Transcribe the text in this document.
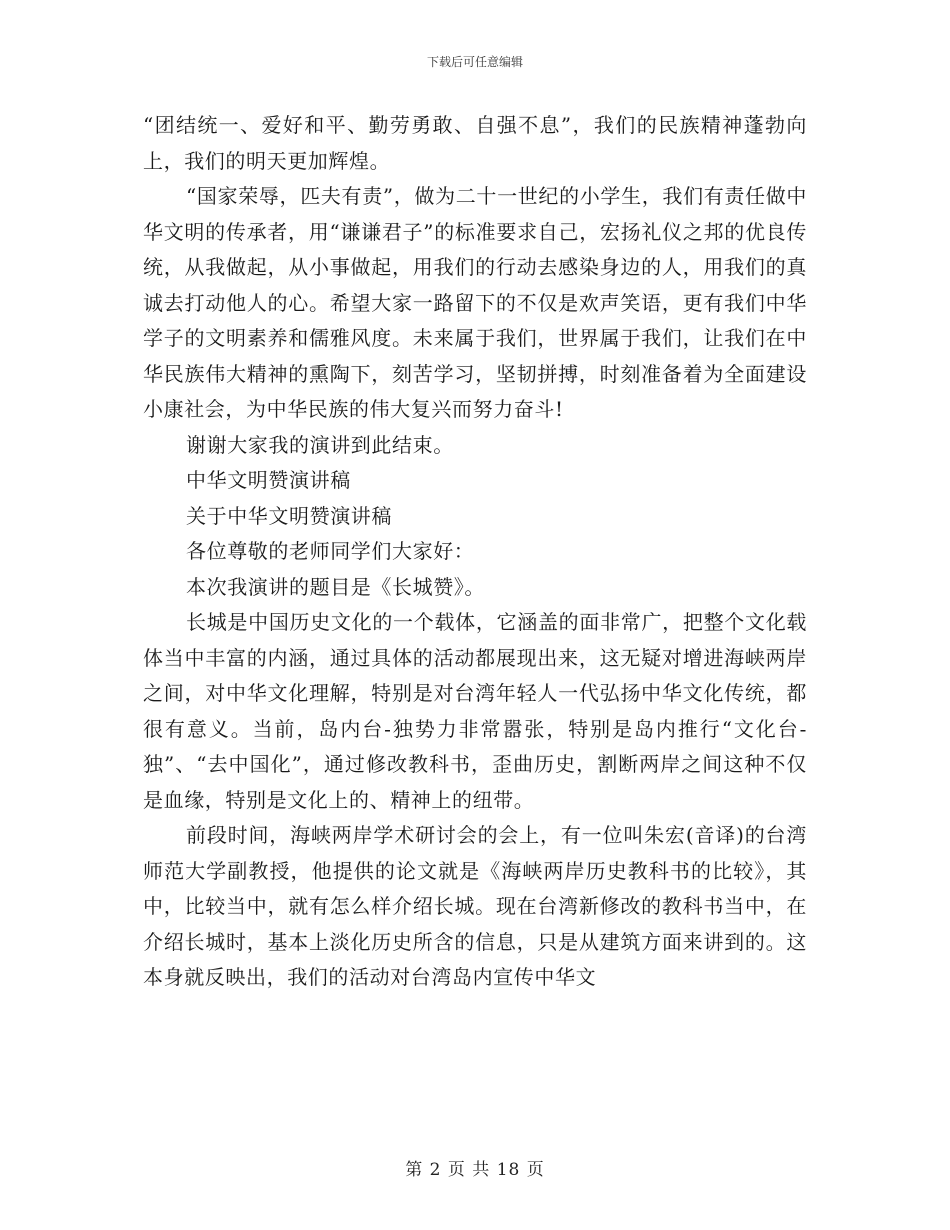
下载后可任意编辑

“团结统一、爱好和平、勤劳勇敢、自强不息”，我们的民族精神蓬勃向上，我们的明天更加辉煌。

“国家荣辱，匹夫有责”，做为二十一世纪的小学生，我们有责任做中华文明的传承者，用“谦谦君子”的标准要求自己，宏扬礼仪之邦的优良传统，从我做起，从小事做起，用我们的行动去感染身边的人，用我们的真诚去打动他人的心。希望大家一路留下的不仅是欢声笑语，更有我们中华学子的文明素养和儒雅风度。未来属于我们，世界属于我们，让我们在中华民族伟大精神的熏陶下，刻苦学习，坚韧拼搏，时刻准备着为全面建设小康社会，为中华民族的伟大复兴而努力奋斗!

谢谢大家我的演讲到此结束。

中华文明赞演讲稿

关于中华文明赞演讲稿

各位尊敬的老师同学们大家好：

本次我演讲的题目是《长城赞》。

长城是中国历史文化的一个载体，它涵盖的面非常广，把整个文化载体当中丰富的内涵，通过具体的活动都展现出来，这无疑对增进海峡两岸之间，对中华文化理解，特别是对台湾年轻人一代弘扬中华文化传统，都很有意义。当前，岛内台-独势力非常嚣张，特别是岛内推行“文化台-独”、“去中国化”，通过修改教科书，歪曲历史，割断两岸之间这种不仅是血缘，特别是文化上的、精神上的纽带。

前段时间，海峡两岸学术研讨会的会上，有一位叫朱宏(音译)的台湾师范大学副教授，他提供的论文就是《海峡两岸历史教科书的比较》，其中，比较当中，就有怎么样介绍长城。现在台湾新修改的教科书当中，在介绍长城时，基本上淡化历史所含的信息，只是从建筑方面来讲到的。这本身就反映出，我们的活动对台湾岛内宣传中华文

第 2 页 共 18 页
